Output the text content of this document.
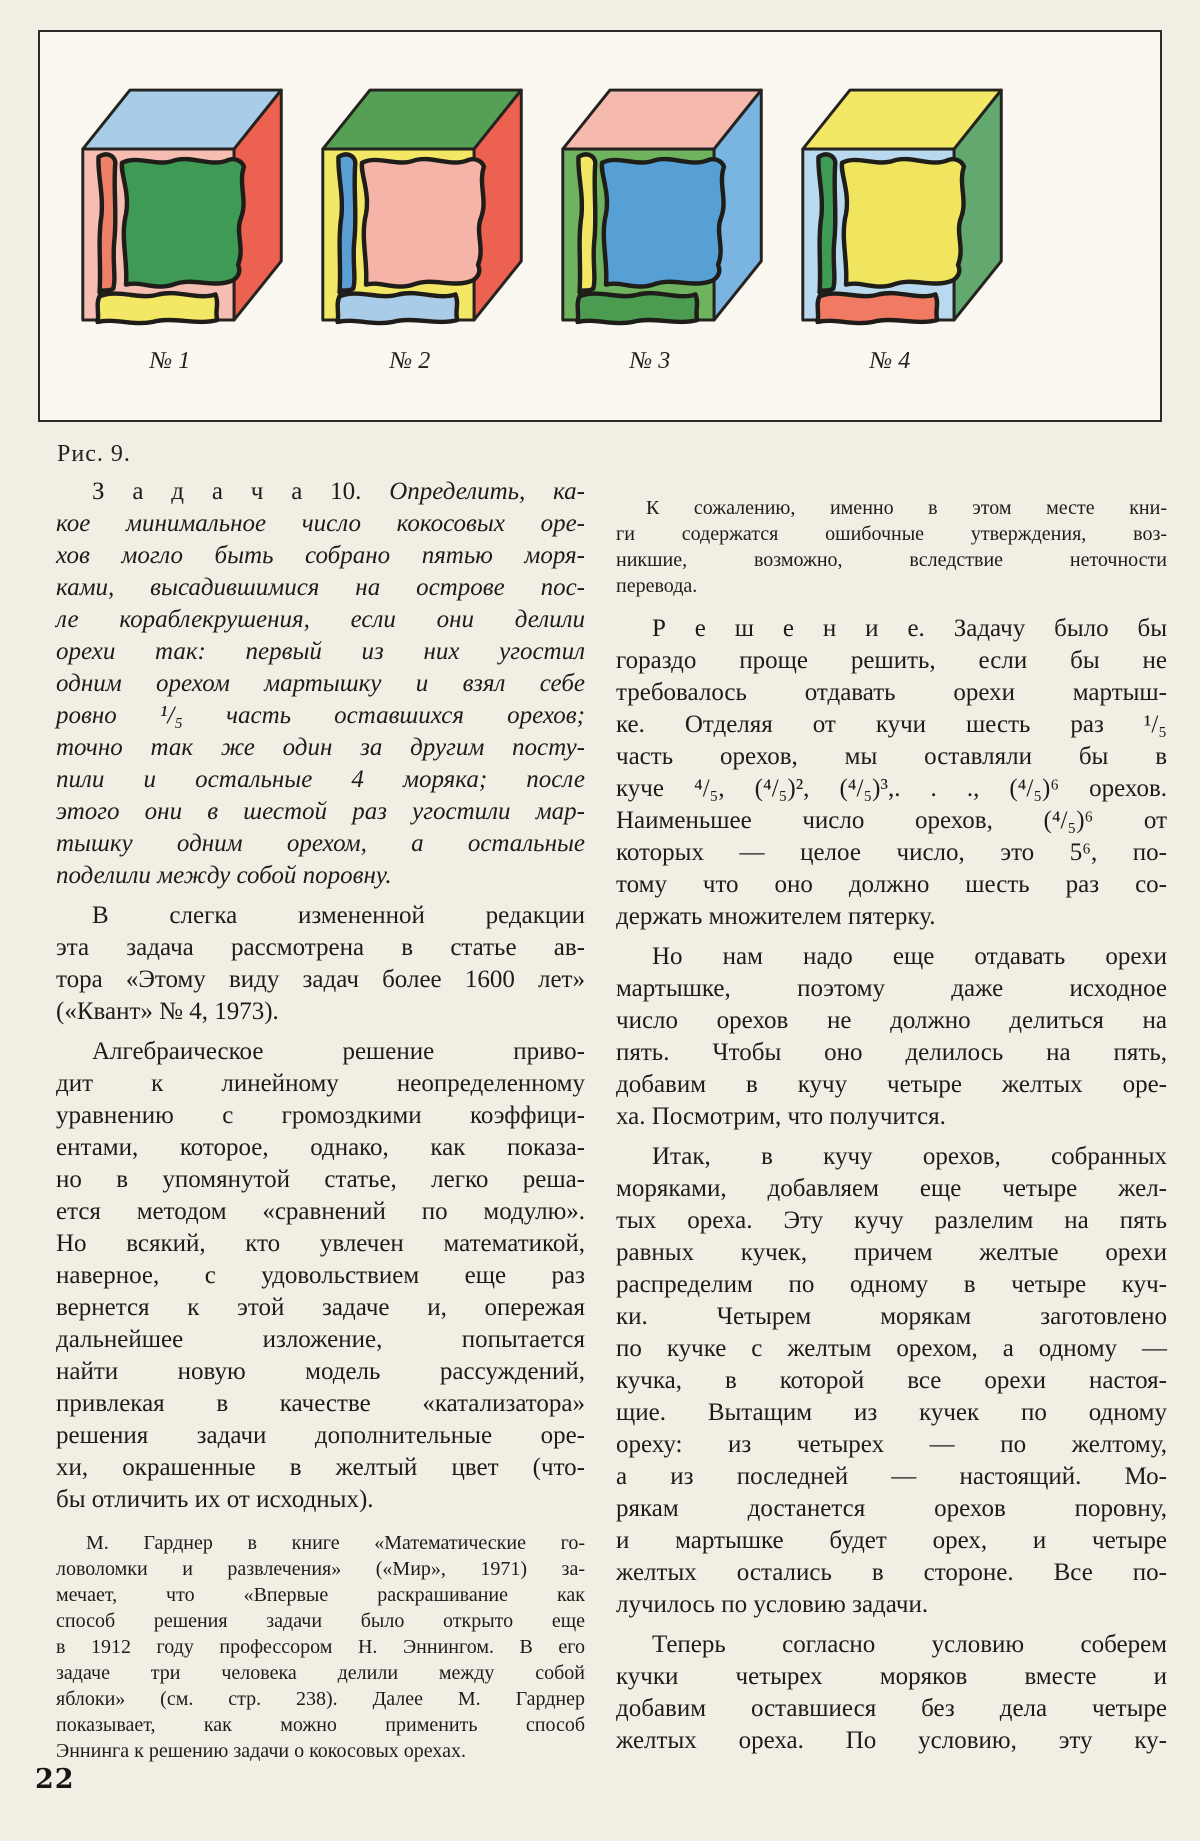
№ 1	№ 2	№ 3	№ 4
Рис. 9.
З а д а ч а 10. Определить, ка-
кое минимальное число кокосовых оре-
хов могло быть собрано пятью моря-
ками, высадившимися на острове пос-
ле кораблекрушения, если они делили
орехи так: первый из них угостил
одним орехом мартышку и взял себе
ровно ¹/₅ часть оставшихся орехов;
точно так же один за другим посту-
пили и остальные 4 моряка; после
этого они в шестой раз угостили мар-
тышку одним орехом, а остальные
поделили между собой поровну.
В слегка измененной редакции
эта задача рассмотрена в статье ав-
тора «Этому виду задач более 1600 лет»
(«Квант» № 4, 1973).
Алгебраическое решение приво-
дит к линейному неопределенному
уравнению с громоздкими коэффици-
ентами, которое, однако, как показа-
но в упомянутой статье, легко реша-
ется методом «сравнений по модулю».
Но всякий, кто увлечен математикой,
наверное, с удовольствием еще раз
вернется к этой задаче и, опережая
дальнейшее изложение, попытается
найти новую модель рассуждений,
привлекая в качестве «катализатора»
решения задачи дополнительные оре-
хи, окрашенные в желтый цвет (что-
бы отличить их от исходных).
М. Гарднер в книге «Математические го-
ловоломки и развлечения» («Мир», 1971) за-
мечает, что «Впервые раскрашивание как
способ решения задачи было открыто еще
в 1912 году профессором Н. Эннингом. В его
задаче три человека делили между собой
яблоки» (см. стр. 238). Далее М. Гарднер
показывает, как можно применить способ
Эннинга к решению задачи о кокосовых орехах.
К сожалению, именно в этом месте кни-
ги содержатся ошибочные утверждения, воз-
никшие, возможно, вследствие неточности
перевода.
Р е ш е н и е. Задачу было бы
гораздо проще решить, если бы не
требовалось отдавать орехи мартыш-
ке. Отделяя от кучи шесть раз ¹/₅
часть орехов, мы оставляли бы в
куче ⁴/₅, (⁴/₅)², (⁴/₅)³,. . ., (⁴/₅)⁶ орехов.
Наименьшее число орехов, (⁴/₅)⁶ от
которых — целое число, это 5⁶, по-
тому что оно должно шесть раз со-
держать множителем пятерку.
Но нам надо еще отдавать орехи
мартышке, поэтому даже исходное
число орехов не должно делиться на
пять. Чтобы оно делилось на пять,
добавим в кучу четыре желтых оре-
ха. Посмотрим, что получится.
Итак, в кучу орехов, собранных
моряками, добавляем еще четыре жел-
тых ореха. Эту кучу разлелим на пять
равных кучек, причем желтые орехи
распределим по одному в четыре куч-
ки. Четырем морякам заготовлено
по кучке с желтым орехом, а одному —
кучка, в которой все орехи настоя-
щие. Вытащим из кучек по одному
ореху: из четырех — по желтому,
а из последней — настоящий. Мо-
рякам достанется орехов поровну,
и мартышке будет орех, и четыре
желтых остались в стороне. Все по-
лучилось по условию задачи.
Теперь согласно условию соберем
кучки четырех моряков вместе и
добавим оставшиеся без дела четыре
желтых ореха. По условию, эту ку-
22
